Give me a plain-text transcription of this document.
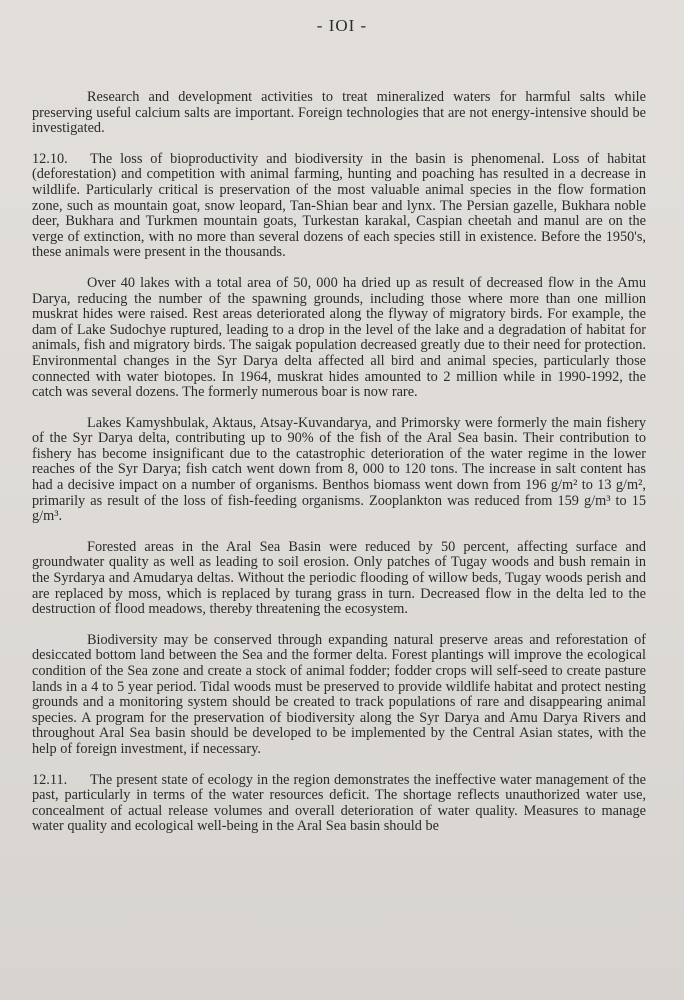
- IOI -

Research and development activities to treat mineralized waters for harmful salts while preserving useful calcium salts are important. Foreign technologies that are not energy-intensive should be investigated.

12.10. The loss of bioproductivity and biodiversity in the basin is phenomenal. Loss of habitat (deforestation) and competition with animal farming, hunting and poaching has resulted in a decrease in wildlife. Particularly critical is preservation of the most valuable animal species in the flow formation zone, such as mountain goat, snow leopard, Tan-Shian bear and lynx. The Persian gazelle, Bukhara noble deer, Bukhara and Turkmen mountain goats, Turkestan karakal, Caspian cheetah and manul are on the verge of extinction, with no more than several dozens of each species still in existence. Before the 1950's, these animals were present in the thousands.

Over 40 lakes with a total area of 50, 000 ha dried up as result of decreased flow in the Amu Darya, reducing the number of the spawning grounds, including those where more than one million muskrat hides were raised. Rest areas deteriorated along the flyway of migratory birds. For example, the dam of Lake Sudochye ruptured, leading to a drop in the level of the lake and a degradation of habitat for animals, fish and migratory birds. The saigak population decreased greatly due to their need for protection. Environmental changes in the Syr Darya delta affected all bird and animal species, particularly those connected with water biotopes. In 1964, muskrat hides amounted to 2 million while in 1990-1992, the catch was several dozens. The formerly numerous boar is now rare.

Lakes Kamyshbulak, Aktaus, Atsay-Kuvandarya, and Primorsky were formerly the main fishery of the Syr Darya delta, contributing up to 90% of the fish of the Aral Sea basin. Their contribution to fishery has become insignificant due to the catastrophic deterioration of the water regime in the lower reaches of the Syr Darya; fish catch went down from 8, 000 to 120 tons. The increase in salt content has had a decisive impact on a number of organisms. Benthos biomass went down from 196 g/m² to 13 g/m², primarily as result of the loss of fish-feeding organisms. Zooplankton was reduced from 159 g/m³ to 15 g/m³.

Forested areas in the Aral Sea Basin were reduced by 50 percent, affecting surface and groundwater quality as well as leading to soil erosion. Only patches of Tugay woods and bush remain in the Syrdarya and Amudarya deltas. Without the periodic flooding of willow beds, Tugay woods perish and are replaced by moss, which is replaced by turang grass in turn. Decreased flow in the delta led to the destruction of flood meadows, thereby threatening the ecosystem.

Biodiversity may be conserved through expanding natural preserve areas and reforestation of desiccated bottom land between the Sea and the former delta. Forest plantings will improve the ecological condition of the Sea zone and create a stock of animal fodder; fodder crops will self-seed to create pasture lands in a 4 to 5 year period. Tidal woods must be preserved to provide wildlife habitat and protect nesting grounds and a monitoring system should be created to track populations of rare and disappearing animal species. A program for the preservation of biodiversity along the Syr Darya and Amu Darya Rivers and throughout Aral Sea basin should be developed to be implemented by the Central Asian states, with the help of foreign investment, if necessary.

12.11. The present state of ecology in the region demonstrates the ineffective water management of the past, particularly in terms of the water resources deficit. The shortage reflects unauthorized water use, concealment of actual release volumes and overall deterioration of water quality. Measures to manage water quality and ecological well-being in the Aral Sea basin should be
